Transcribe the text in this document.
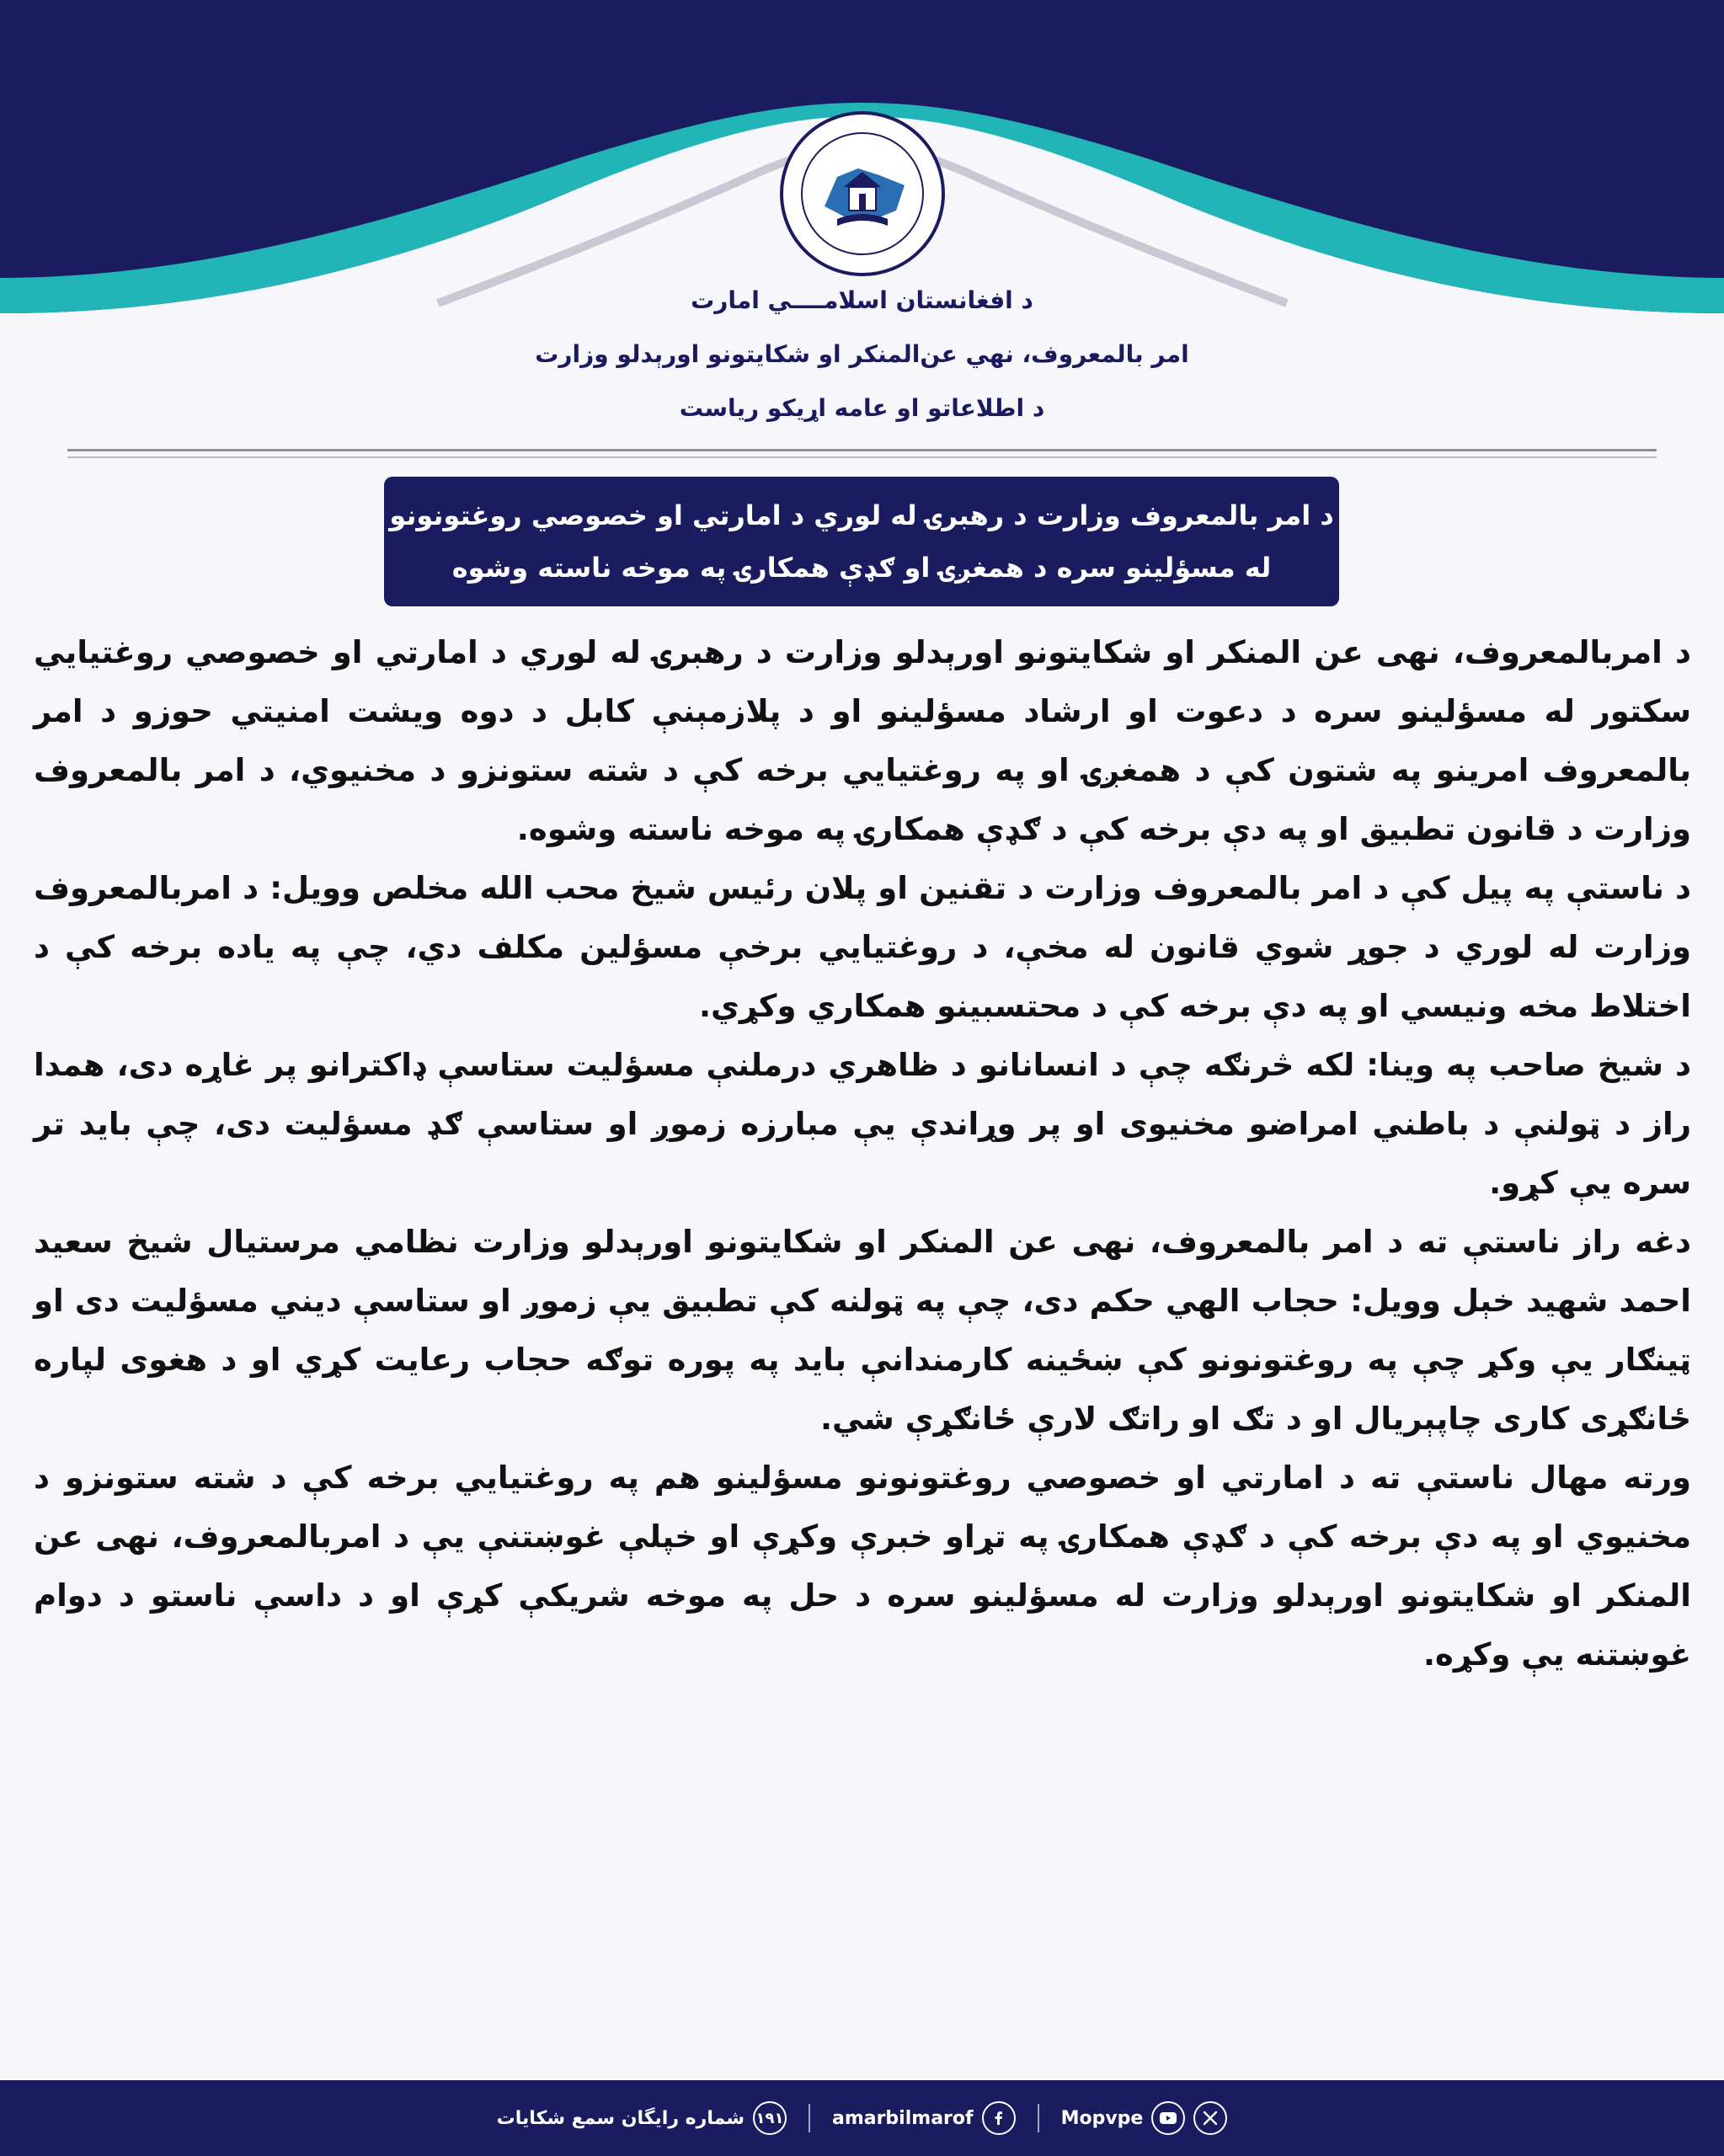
د افغانستان اسلامــــي امارت
امر بالمعروف، نهي عن‌المنکر او شکایتونو اورېدلو وزارت
د اطلاعاتو او عامه اړیکو ریاست
د امر بالمعروف وزارت د رهبرۍ له لوري د امارتي او خصوصي روغتونونو
له مسؤلینو سره د همغږۍ او ګډې همکارۍ په موخه ناسته وشوه

د امربالمعروف، نهی عن المنکر او شکایتونو اورېدلو وزارت د رهبرۍ له لوري د امارتي او خصوصي روغتیايي سکتور له مسؤلینو سره د دعوت او ارشاد مسؤلینو او د پلازمېنې کابل د دوه ویشت امنیتي حوزو د امر بالمعروف امرینو په شتون کې د همغږۍ او په روغتیايي برخه کې د شته ستونزو د مخنیوي، د امر بالمعروف وزارت د قانون تطبیق او په دې برخه کې د ګډې همکارۍ په موخه ناسته وشوه.

د ناستې په پیل کې د امر بالمعروف وزارت د تقنین او پلان رئیس شیخ محب الله مخلص وویل: د امربالمعروف وزارت له لوري د جوړ شوي قانون له مخې، د روغتیايي برخې مسؤلین مکلف دي، چې په یاده برخه کې د اختلاط مخه ونیسي او په دې برخه کې د محتسبینو همکاري وکړي.

د شیخ صاحب په وینا: لکه څرنګه چې د انسانانو د ظاهري درملنې مسؤلیت ستاسې ډاکترانو پر غاړه دی، همدا راز د ټولنې د باطني امراضو مخنیوی او پر وړاندې یې مبارزه زموږ او ستاسې ګډ مسؤلیت دی، چې باید تر سره یې کړو.

دغه راز ناستې ته د امر بالمعروف، نهی عن المنکر او شکایتونو اورېدلو وزارت نظامي مرستیال شیخ سعید احمد شهید خېل وویل: حجاب الهي حکم دی، چې په ټولنه کې تطبیق یې زموږ او ستاسې دیني مسؤلیت دی او ټینګار یې وکړ چې په روغتونونو کې ښځینه کارمندانې باید په پوره توګه حجاب رعایت کړي او د هغوی لپاره ځانګړی کاری چاپېریال او د تګ او راتګ لارې ځانګړې شي.

ورته مهال ناستې ته د امارتي او خصوصي روغتونونو مسؤلینو هم په روغتیايي برخه کې د شته ستونزو د مخنیوي او په دې برخه کې د ګډې همکارۍ په تړاو خبرې وکړې او خپلې غوښتنې یې د امربالمعروف، نهی عن المنکر او شکایتونو اورېدلو وزارت له مسؤلینو سره د حل په موخه شریکې کړې او د داسې ناستو د دوام غوښتنه یې وکړه.

شماره رایگان سمع شکایات ۱۹۱	amarbilmarof	Mopvpe
